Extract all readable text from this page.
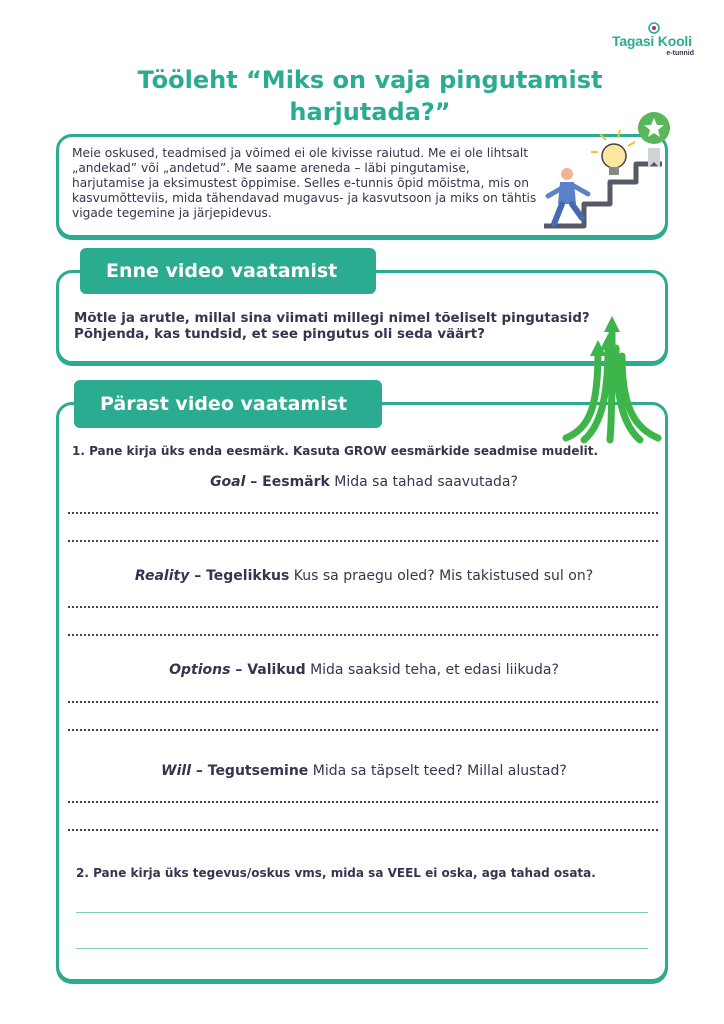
Tagasi Kooli
e-tunnid
Tööleht “Miks on vaja pingutamist harjutada?”
Meie oskused, teadmised ja võimed ei ole kivisse raiutud. Me ei ole lihtsalt „andekad” või „andetud”. Me saame areneda – läbi pingutamise, harjutamise ja eksimustest õppimise. Selles e-tunnis õpid mõistma, mis on kasvumõtteviis, mida tähendavad mugavus- ja kasvutsoon ja miks on tähtis vigade tegemine ja järjepidevus.
Enne video vaatamist
Mõtle ja arutle, millal sina viimati millegi nimel tõeliselt pingutasid? Põhjenda, kas tundsid, et see pingutus oli seda väärt?
Pärast video vaatamist
1. Pane kirja üks enda eesmärk. Kasuta GROW eesmärkide seadmise mudelit.
Goal – Eesmärk Mida sa tahad saavutada?
Reality – Tegelikkus Kus sa praegu oled? Mis takistused sul on?
Options – Valikud Mida saaksid teha, et edasi liikuda?
Will – Tegutsemine Mida sa täpselt teed? Millal alustad?
2. Pane kirja üks tegevus/oskus vms, mida sa VEEL ei oska, aga tahad osata.
